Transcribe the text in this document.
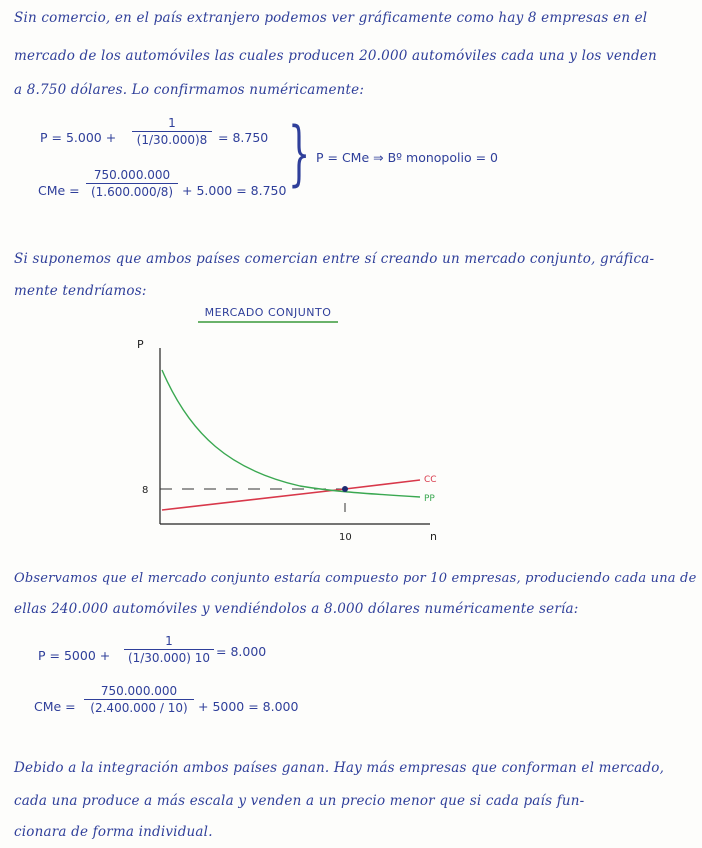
Sin comercio, en el país extranjero podemos ver gráficamente como hay 8 empresas en el
mercado de los automóviles las cuales producen 20.000 automóviles cada una y los venden
a 8.750 dólares. Lo confirmamos numéricamente:
P = 5.000 +
1
(1/30.000)8 = 8.750
CMe =
750.000.000
(1.600.000/8) + 5.000 = 8.750 } P = CMe ⇒ Bº monopolio = 0
Si suponemos que ambos países comercian entre sí creando un mercado conjunto, gráfica-
mente tendríamos:
MERCADO CONJUNTO
P
n
8
10
CC
PP
Observamos que el mercado conjunto estaría compuesto por 10 empresas, produciendo cada una de
ellas 240.000 automóviles y vendiéndolos a 8.000 dólares numéricamente sería:
P = 5000 +
1
(1/30.000) 10 = 8.000
CMe =
750.000.000
(2.400.000 / 10) + 5000 = 8.000
Debido a la integración ambos países ganan. Hay más empresas que conforman el mercado,
cada una produce a más escala y venden a un precio menor que si cada país fun-
cionara de forma individual.
